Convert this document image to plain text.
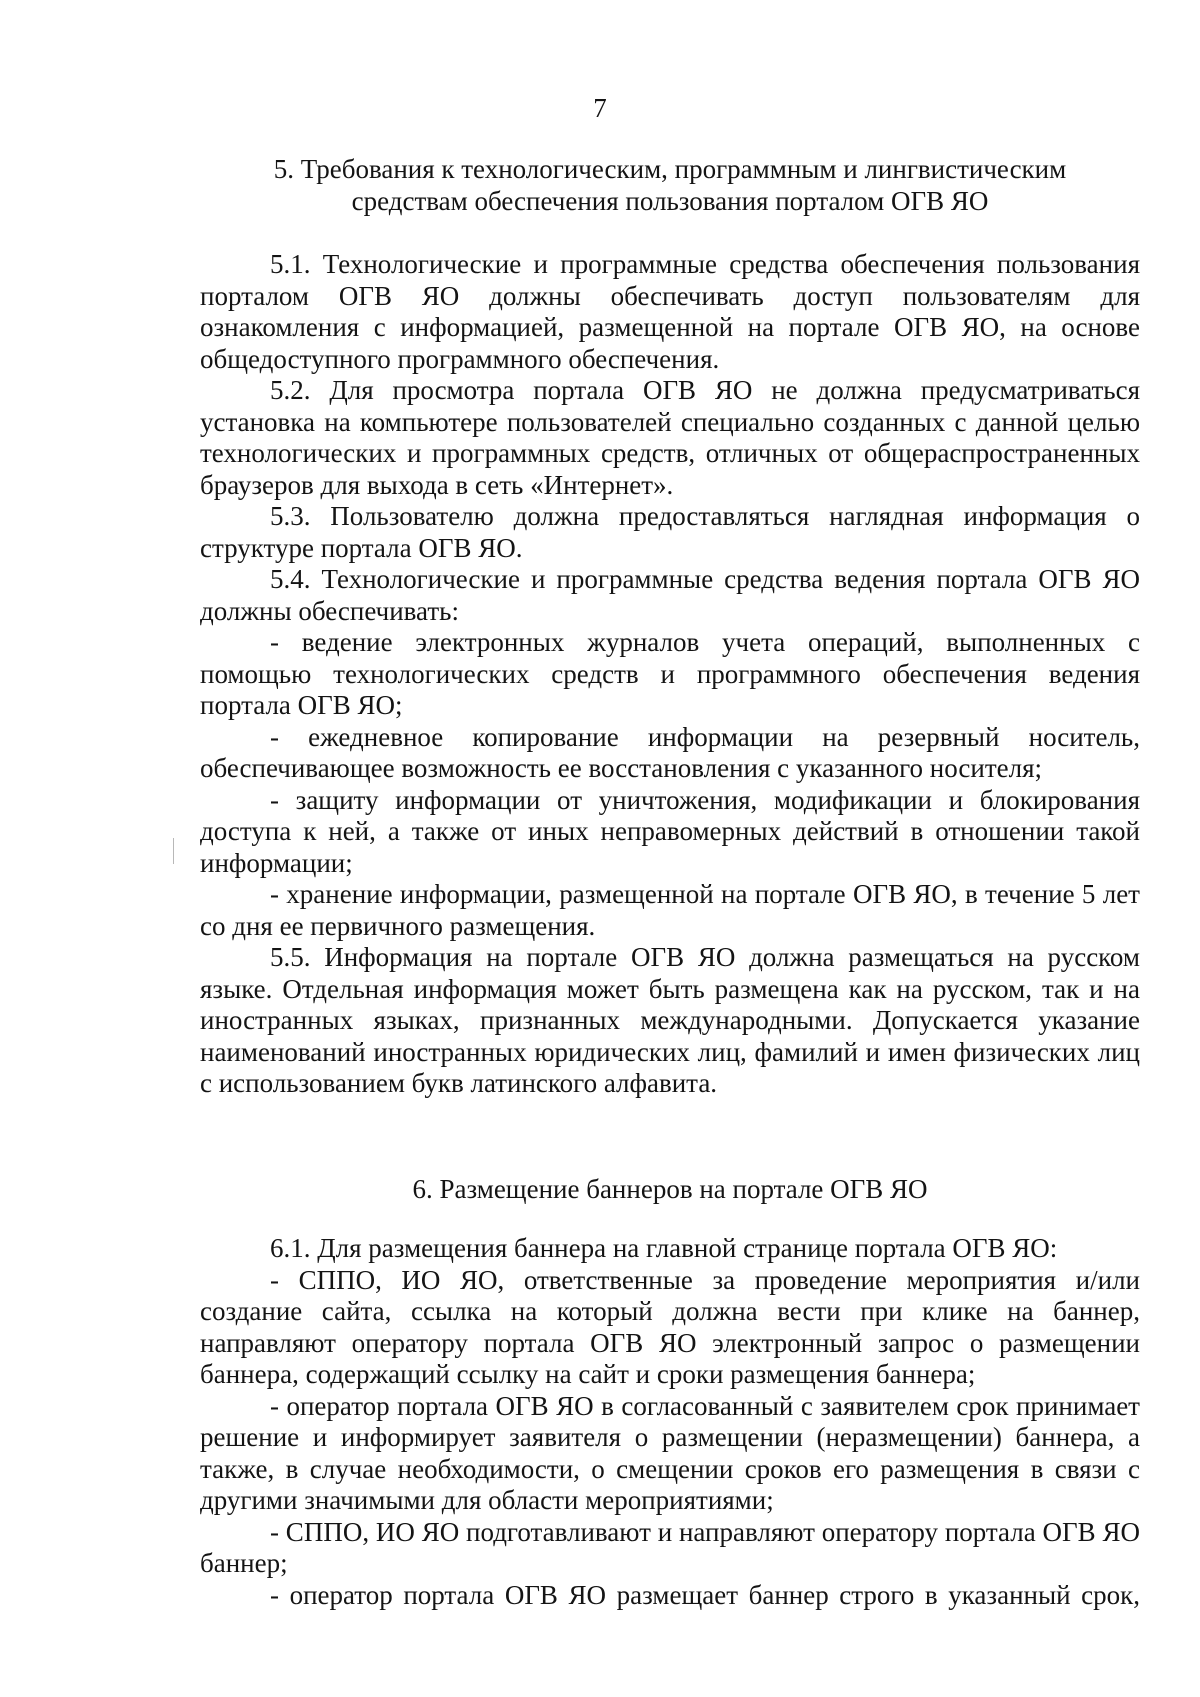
7
5. Требования к технологическим, программным и лингвистическим
средствам обеспечения пользования порталом ОГВ ЯО

5.1. Технологические и программные средства обеспечения пользования порталом ОГВ ЯО должны обеспечивать доступ пользователям для ознакомления с информацией, размещенной на портале ОГВ ЯО, на основе общедоступного программного обеспечения.

5.2. Для просмотра портала ОГВ ЯО не должна предусматриваться установка на компьютере пользователей специально созданных с данной целью технологических и программных средств, отличных от общераспространенных браузеров для выхода в сеть «Интернет».

5.3. Пользователю должна предоставляться наглядная информация о структуре портала ОГВ ЯО.

5.4. Технологические и программные средства ведения портала ОГВ ЯО должны обеспечивать:

- ведение электронных журналов учета операций, выполненных с помощью технологических средств и программного обеспечения ведения портала ОГВ ЯО;

- ежедневное копирование информации на резервный носитель, обеспечивающее возможность ее восстановления с указанного носителя;

- защиту информации от уничтожения, модификации и блокирования доступа к ней, а также от иных неправомерных действий в отношении такой информации;

- хранение информации, размещенной на портале ОГВ ЯО, в течение 5 лет со дня ее первичного размещения.

5.5. Информация на портале ОГВ ЯО должна размещаться на русском языке. Отдельная информация может быть размещена как на русском, так и на иностранных языках, признанных международными. Допускается указание наименований иностранных юридических лиц, фамилий и имен физических лиц с использованием букв латинского алфавита.

6. Размещение баннеров на портале ОГВ ЯО

6.1. Для размещения баннера на главной странице портала ОГВ ЯО:

- СППО, ИО ЯО, ответственные за проведение мероприятия и/или создание сайта, ссылка на который должна вести при клике на баннер, направляют оператору портала ОГВ ЯО электронный запрос о размещении баннера, содержащий ссылку на сайт и сроки размещения баннера;

- оператор портала ОГВ ЯО в согласованный с заявителем срок принимает решение и информирует заявителя о размещении (неразмещении) баннера, а также, в случае необходимости, о смещении сроков его размещения в связи с другими значимыми для области мероприятиями;

- СППО, ИО ЯО подготавливают и направляют оператору портала ОГВ ЯО баннер;

- оператор портала ОГВ ЯО размещает баннер строго в указанный срок,
